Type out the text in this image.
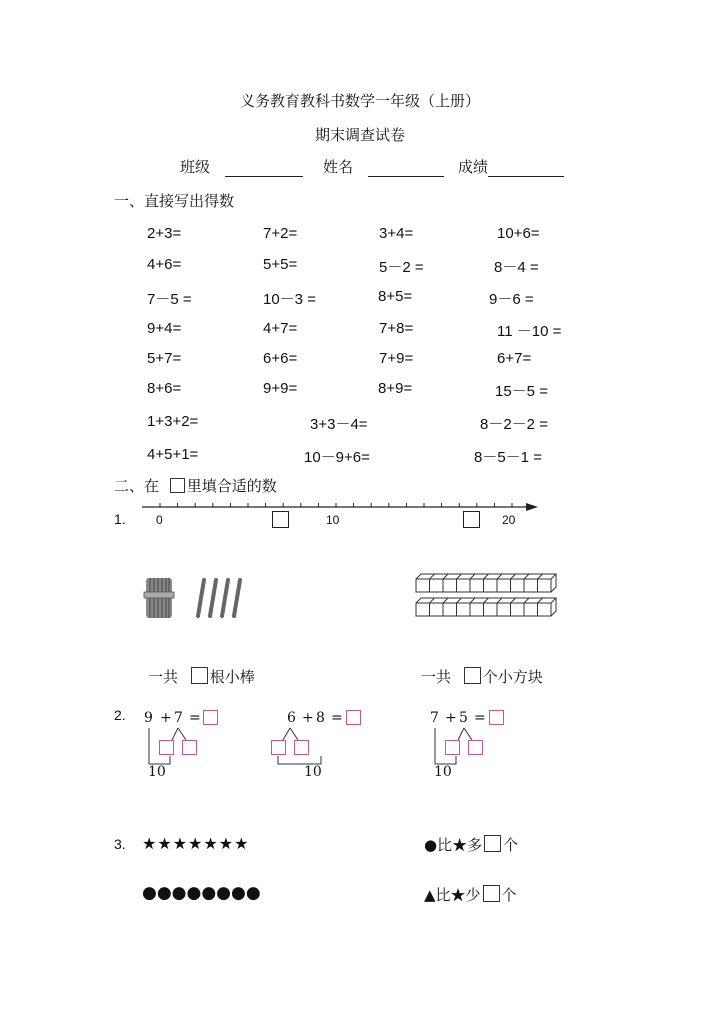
义务教育教科书数学一年级（上册）
期末调查试卷
班级	姓名	成绩
一、直接写出得数
2+3=	7+2=	3+4=	10+6=
4+6=	5+5=	5－2 =	8－4 =
7－5 =	10－3 =	8+5=	9－6 =
9+4=	4+7=	7+8=	11 －10 =
5+7=	6+6=	7+9=	6+7=
8+6=	9+9=	8+9=	15－5 =
1+3+2=	3+3－4=	8－2－2 =
4+5+1=	10－9+6=	8－5－1 =
二、在 里填合适的数
1.	0	10	20
一共 根小棒	一共 个小方块
2. 9 + 7 =
10
6 + 8 =
10
7 + 5 =
10
3. ★★★★★★★
●●●●●●●●
●比★多 个
▲比★少 个
